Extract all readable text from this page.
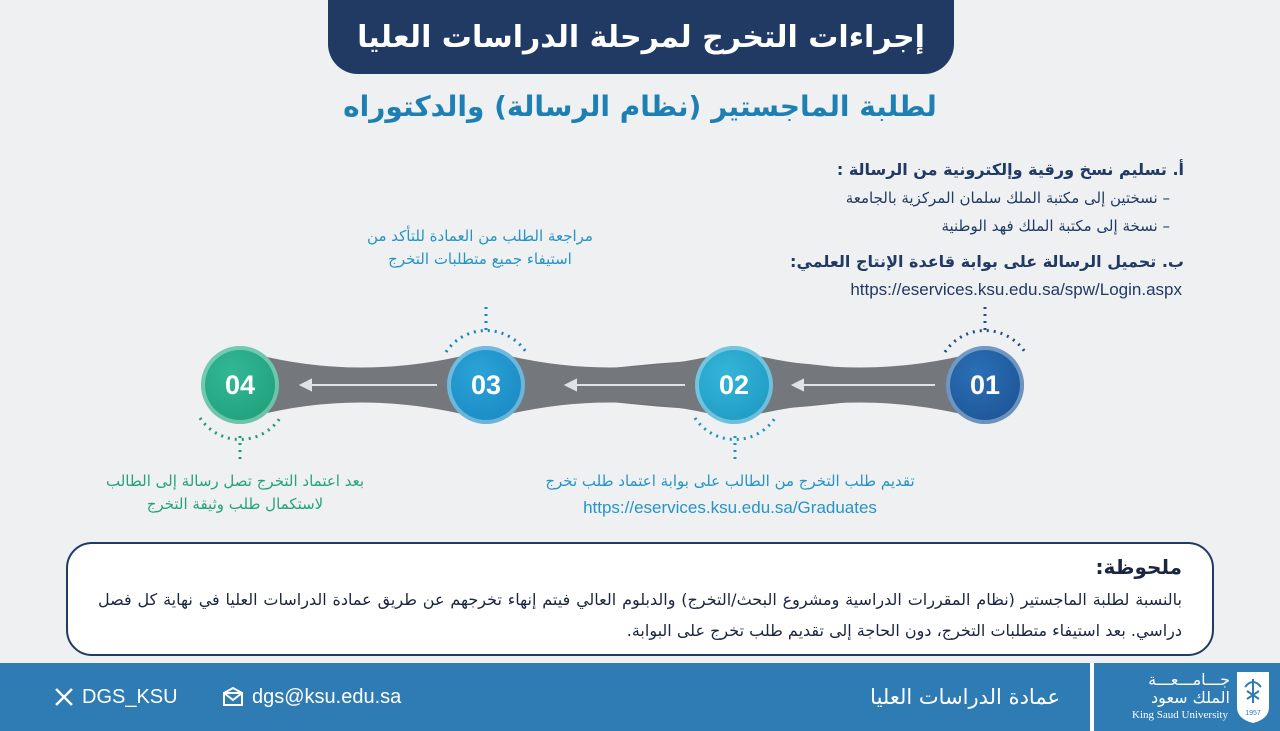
إجراءات التخرج لمرحلة الدراسات العليا
لطلبة الماجستير (نظام الرسالة) والدكتوراه
أ. تسليم نسخ ورقية وإلكترونية من الرسالة :
– نسختين إلى مكتبة الملك سلمان المركزية بالجامعة
– نسخة إلى مكتبة الملك فهد الوطنية
ب. تحميل الرسالة على بوابة قاعدة الإنتاج العلمي:
https://eservices.ksu.edu.sa/spw/Login.aspx
01
02
03
04
مراجعة الطلب من العمادة للتأكد من استيفاء جميع متطلبات التخرج
تقديم طلب التخرج من الطالب على بوابة اعتماد طلب تخرج
https://eservices.ksu.edu.sa/Graduates
بعد اعتماد التخرج تصل رسالة إلى الطالب لاستكمال طلب وثيقة التخرج
ملحوظة:
بالنسبة لطلبة الماجستير (نظام المقررات الدراسية ومشروع البحث/التخرج) والدبلوم العالي فيتم إنهاء تخرجهم عن طريق عمادة الدراسات العليا في نهاية كل فصل دراسي. بعد استيفاء متطلبات التخرج، دون الحاجة إلى تقديم طلب تخرج على البوابة.
DGS_KSU	dgs@ksu.edu.sa	عمادة الدراسات العليا
جـــامـــعـــة
الملك سعود
King Saud University 1957
